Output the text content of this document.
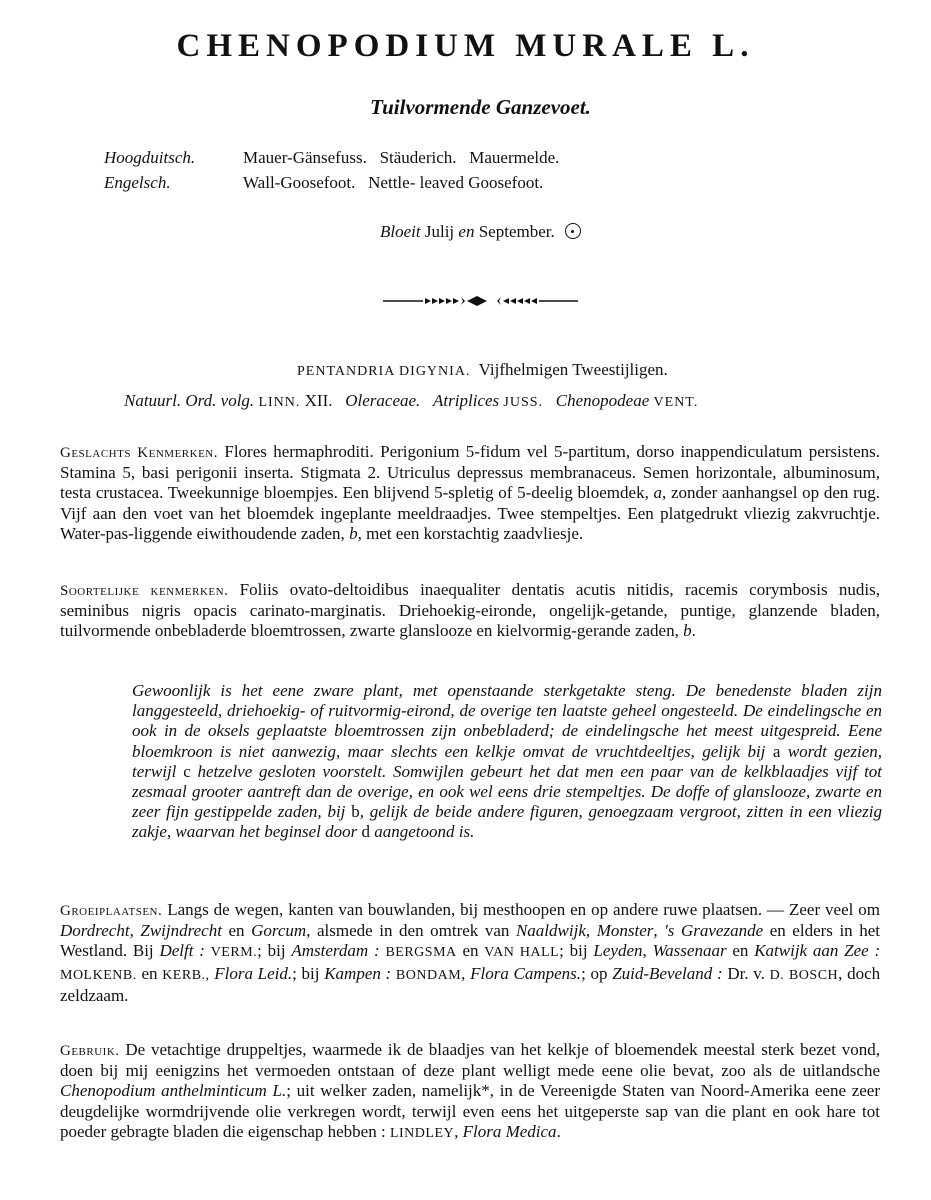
CHENOPODIUM MURALE L.
Tuilvormende Ganzevoet.
Hoogduitsch.	Mauer-Gänsefuss.   Stäuderich.   Mauermelde.
Engelsch.	Wall-Goosefoot.   Nettle- leaved Goosefoot.
Bloeit Julij en September.
PENTANDRIA DIGYNIA. Vijfhelmigen Tweestijligen.
Natuurl. Ord. volg. LINN. XII. Oleraceae. Atriplices JUSS. Chenopodeae VENT.
Geslachts Kenmerken. Flores hermaphroditi. Perigonium 5-fidum vel 5-partitum, dorso inappendiculatum persistens. Stamina 5, basi perigonii inserta. Stigmata 2. Utriculus depressus membranaceus. Semen horizontale, albuminosum, testa crustacea. Tweekunnige bloempjes. Een blijvend 5-spletig of 5-deelig bloemdek, a, zonder aanhangsel op den rug. Vijf aan den voet van het bloemdek ingeplante meeldraadjes. Twee stempeltjes. Een platgedrukt vliezig zakvruchtje. Water-pas-liggende eiwithoudende zaden, b, met een korstachtig zaadvliesje.
Soortelijke kenmerken. Foliis ovato-deltoidibus inaequaliter dentatis acutis nitidis, racemis corymbosis nudis, seminibus nigris opacis carinato-marginatis. Driehoekig-eironde, ongelijk-getande, puntige, glanzende bladen, tuilvormende onbebladerde bloemtrossen, zwarte glanslooze en kielvormig-gerande zaden, b.
Gewoonlijk is het eene zware plant, met openstaande sterkgetakte steng. De benedenste bladen zijn langgesteeld, driehoekig- of ruitvormig-eirond, de overige ten laatste geheel ongesteeld. De eindelingsche en ook in de oksels geplaatste bloemtrossen zijn onbebladerd; de eindelingsche het meest uitgespreid. Eene bloemkroon is niet aanwezig, maar slechts een kelkje omvat de vruchtdeeltjes, gelijk bij a wordt gezien, terwijl c hetzelve gesloten voorstelt. Somwijlen gebeurt het dat men een paar van de kelkblaadjes vijf tot zesmaal grooter aantreft dan de overige, en ook wel eens drie stempeltjes. De doffe of glanslooze, zwarte en zeer fijn gestippelde zaden, bij b, gelijk de beide andere figuren, genoegzaam vergroot, zitten in een vliezig zakje, waarvan het beginsel door d aangetoond is.
Groeiplaatsen. Langs de wegen, kanten van bouwlanden, bij mesthoopen en op andere ruwe plaatsen. — Zeer veel om Dordrecht, Zwijndrecht en Gorcum, alsmede in den omtrek van Naaldwijk, Monster, 's Gravezande en elders in het Westland. Bij Delft : VERM.; bij Amsterdam : BERGSMA en VAN HALL; bij Leyden, Wassenaar en Katwijk aan Zee : MOLKENB. en KERB., Flora Leid.; bij Kampen : BONDAM, Flora Campens.; op Zuid-Beveland : Dr. v. D. BOSCH, doch zeldzaam.
Gebruik. De vetachtige druppeltjes, waarmede ik de blaadjes van het kelkje of bloemendek meestal sterk bezet vond, doen bij mij eenigzins het vermoeden ontstaan of deze plant welligt mede eene olie bevat, zoo als de uitlandsche Chenopodium anthelminticum L.; uit welker zaden, namelijk*, in de Vereenigde Staten van Noord-Amerika eene zeer deugdelijke wormdrijvende olie verkregen wordt, terwijl even eens het uitgeperste sap van die plant en ook hare tot poeder gebragte bladen die eigenschap hebben : LINDLEY, Flora Medica.
